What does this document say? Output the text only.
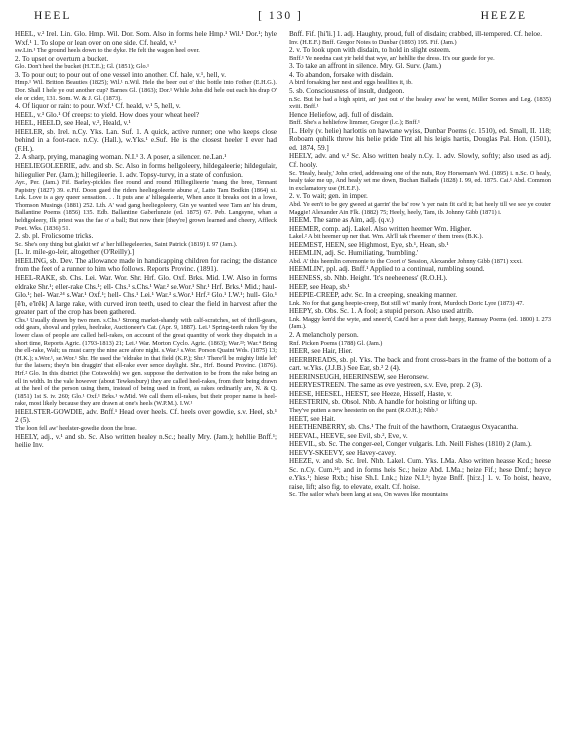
HEEL	[ 130 ]	HEEZE

HEEL, v.² Irel. Lin. Glo. Hmp. Wil. Dor. Som. Also in forms hele Hmp.¹ Wil.¹ Dor.¹; hyle Wxf.¹ 1. To slope or lean over on one side. Cf. heald, v.¹

sw.Lin.¹ The ground heels down to the dyke. He felt the wagon heel over.

2. To upset or overturn a bucket.

Glo. Don't heel the bucket (H.T.E.); Gl. (1851); Glo.¹

3. To pour out; to pour out of one vessel into another. Cf. hale, v.¹, hell, v.

Hmp.¹ Wil. Britton Beauties (1825); Wil.¹ n.Wil. Hele the beer out o' thic bottle into t'other (E.H.G.). Dor. Shall I hele ye out another cup? Barnes Gl. (1863); Dor.¹ While John did hele out each his drap O' ele or cider, 131. Som. W. & J. Gl. (1873).

4. Of liquor or rain: to pour. Wxf.¹ Cf. heald, v.¹ 5, hell, v.

HEEL, v.³ Glo.¹ Of creeps: to yield. How does your wheat heel?

HEEL, HEELD, see Heal, v.², Heald, v.¹

HEELER, sb. Irel. n.Cy. Yks. Lan. Suf. 1. A quick, active runner; one who keeps close behind in a foot-race. n.Cy. (Hall.), w.Yks.¹ e.Suf. He is the closest heeler I ever had (F.H.).

2. A sharp, prying, managing woman. N.I.¹ 3. A poser, a silencer. ne.Lan.¹

HEELIEGOLEERIE, adv. and sb. Sc. Also in forms hellgoleery, hildegaleerie; hildegulair, hiliegulier Per. (Jam.); hillegileerie. 1. adv. Topsy-turvy, in a state of confusion.

Ayr., Per. (Jam.) Fif. Barley-pickles flee round and round Hilliegilieerie 'mang the bree, Tennant Papistry (1827) 39. e.Fif. Doon gaed the riders heeliegoleerie abune a', Latto Tam Bodkin (1864) xi. Lnk. Love is a gey queer sensation. . . It puts ane a' hiliegaleerie, When ance it breaks oot in a lowe, Thomson Musings (1881) 252. Lth. A' wad gang heeliegoleery, Gin ye wanted wee Tam an' his drum, Ballantine Poems (1856) 135. Edb. Ballantine Gaberlunzie (ed. 1875) 67. Peb. Langsyne, whan a heldigoleery, Ilk priest was the fae o' a ball; But now their [they're] grown learned and cheery, Affleck Poet. Wks. (1836) 51.

2. sb. pl. Frolicsome tricks.

Sc. She's ony thing but glaikit wi' a' her hilliegeleeries, Saint Patrick (1819) I. 97 (Jam.).

[L. lr. mile-go-leir, altogether (O'Reilly).]

HEELING, sb. Dev. The allowance made in handicapping children for racing; the distance from the feet of a runner to him who follows. Reports Provinc. (1891).

HEEL-RAKE, sb. Chs. Lei. War. Wor. Shr. Hrf. Glo. Oxf. Brks. Mid. I.W. Also in forms eldrake Shr.¹; eller-rake Chs.¹; ell- Chs.¹ s.Chs.¹ War.² se.Wor.¹ Shr.¹ Hrf. Brks.¹ Mid.; haul- Glo.¹; hel- War.²⁴ s.War.¹ Oxf.¹; hell- Chs.¹ Lei.¹ War.³ s.Wor.¹ Hrf.² Glo.¹ I.W.¹; hull- Glo.¹ [ĕ'h, e'lrĕk] A large rake, with curved iron teeth, used to clear the field in harvest after the greater part of the crop has been gathered.

Chs.¹ Usually drawn by two men. s.Chs.¹ Strong market-shandy with calf-scratches, set of thrill-gears, odd gears, shoval and pyleu, heelrake, Auctioneer's Cat. (Apr. 9, 1887). Lei.¹ Spring-teeth rakes 'by the lower class of people are called hell-rakes, on account of the great quantity of work they dispatch in a short time, Reports Agric. (1793-1813) 21; Lei.¹ War. Morton Cyclo. Agric. (1863); War.²³; War.⁴ Bring the ell-rake, Walt; us must carry the nine acre afore night. s.War.¹ s.Wor. Porson Quaint Wds. (1875) 13; (H.K.); s.Wor.¹, se.Wor.¹ Shr. He used the 'eldrake in that field (K.P.); Shr.¹ There'll be mighty little lef' fur the laisers; they'n bin draggin' that ell-rake ever sence daylight. Shr., Hrf. Bound Provinc. (1876). Hrf.² Glo. In this district (the Cotswolds) we gen. suppose the derivation to be from the rake being an ell in width. In the vale however (about Tewkesbury) they are called heel-rakes, from their being drawn at the heel of the person using them, instead of being used in front, as rakes ordinarily are, N. & Q. (1851) 1st S. iv. 260; Glo.¹ Oxf.¹ Brks.¹ w.Mid. We call them ell-rakes, but their proper name is heel-rake, most likely because they are drawn at one's heels (W.P.M.). I.W.¹

HEELSTER-GOWDIE, adv. Bnff.¹ Head over heels. Cf. heels over gowdie, s.v. Heel, sb.¹ 2 (5).

The loon fell aw' heelster-gowdie doon the brae.

HEELY, adj., v.¹ and sb. Sc. Also written healey n.Sc.; heally Mry. (Jam.); hehllie Bnff.¹; heilie Inv.

Bnff. Fif. [hi'li.] 1. adj. Haughty, proud, full of disdain; crabbed, ill-tempered. Cf. heloe.

Inv. (H.E.F.) Bnff. Gregor Notes to Dunbar (1893) 195. Fif. (Jam.)

2. v. To look upon with disdain, to hold in slight esteem.

Bnff.¹ Ye needna cast yir held that wye, an' hehllie the dress. It's our guede for ye.

3. To take an affront in silence. Mry. Gl. Surv. (Jam.)

4. To abandon, forsake with disdain.

A bird forsaking her nest and eggs healliies it, ib.

5. sb. Consciousness of insult, dudgeon.

n.Sc. But he had a high spirit, an' just out o' the healey awa' he went, Miller Scenes and Leg. (1835) xviii. Bnff.¹

Hence Heliefow, adj. full of disdain.

Bnff. She's a hehliefow limmer, Gregor (l.c.); Bnff.¹

[L. Hely (v. helie) harlottis on hawtane wyiss, Dunbar Poems (c. 1510), ed. Small, II. 118; Roboam quhilk throw his helie pride Tint all his leigis hartis, Douglas Pal. Hon. (1501), ed. 1874, 59.]

HEELY, adv. and v.² Sc. Also written healy n.Cy. 1. adv. Slowly, softly; also used as adj. Cf. hooly.

Sc. 'Healy, healy,' John cried, addressing one of the nuts, Roy Horseman's Wd. (1895) i. n.Sc. O healy, healy take me up, And healy set me down, Buchan Ballads (1828) I. 99, ed. 1875. Cai.¹ Abd. Common in exclamatory use (H.E.F.).

2. v. To wait; gen. in imper.

Abd. Ye een't to be gey gweed at garrin' the ba' row 's yer nain fit ca'd it; bat heely till we see ye couter Maggie! Alexander Ain Flk. (1882) 75; Heely, heely, Tam, ib. Johnny Gibb (1871) i.

HEEM. The same as Aim, adj. (q.v.)

HEEMER, comp. adj. Lakel. Also written heemer Wm. Higher.

Lakel.² A bit heemer up ner that. Wm. Ah'll tak t'heemer o' them trees (B.K.).

HEEMEST, HEEN, see Highmost, Eye, sb.¹, Hean, sb.¹

HEEMLIN, adj. Sc. Humiliating, 'humbling.'

Abd. A' this heemlin ceremonie to the Coort o' Session, Alexander Johnny Gibb (1871) xxxi.

HEEMLIN', ppl. adj. Bnff.¹ Applied to a continual, rumbling sound.

HEENESS, sb. Nhb. Height. 'It's neeheeness' (R.O.H.).

HEEP, see Heap, sb.¹

HEEPIE-CREEP, adv. Sc. In a creeping, sneaking manner.

Lnk. No for that gang heepie-creep, But still wi' manly front, Murdoch Doric Lyre (1873) 47.

HEEPY, sb. Obs. Sc. 1. A fool; a stupid person. Also used attrib.

Lnk. Maggy ken'd the wyte, and sneer'd, Cau'd her a poor daft heepy, Ramsay Poems (ed. 1800) I. 273 (Jam.).

2. A melancholy person.

Rnf. Picken Poems (1788) Gl. (Jam.)

HEER, see Hair, Hier.

HEERBREADS, sb. pl. Yks. The back and front cross-bars in the frame of the bottom of a cart. w.Yks. (J.J.B.) See Ear, sb.² 2 (4).

HEERINSEUGH, HEERINSEW, see Heronsew.

HEERYESTREEN. The same as eve yestreen, s.v. Eve, prep. 2 (3).

HEESE, HEESEL, HEEST, see Heeze, Hisself, Haste, v.

HEESTERIN, sb. Obsol. Nhb. A handle for hoisting or lifting up.

They've putten a new heesterin on the pant (R.O.H.); Nhb.¹

HEET, see Hait.

HEETHENBERRY, sb. Chs.¹ The fruit of the hawthorn, Crataegus Oxyacantha.

HEEVAL, HEEVE, see Evil, sb.², Eve, v.

HEEVIL, sb. Sc. The conger-eel, Conger vulgaris. Lth. Neill Fishes (1810) 2 (Jam.).

HEEVY-SKEEVY, see Havey-cavey.

HEEZE, v. and sb. Sc. Irel. Nhb. Lakel. Cum. Yks. LMa. Also written heasse Kcd.; heese Sc. n.Cy. Cum.¹⁴; and in forms heis Sc.; heize Abd. LMa.; heize Fif.; hese Dmf.; heyce e.Yks.¹; hiese Rxb.; hise Sh.I. Lnk.; hize N.I.¹; hyze Bnff. [hi:z.] 1. v. To hoist, heave, raise, lift; also fig. to elevate, exalt. Cf. hoise.

Sc. The sailor wha's been lang at sea, On waves like mountains
